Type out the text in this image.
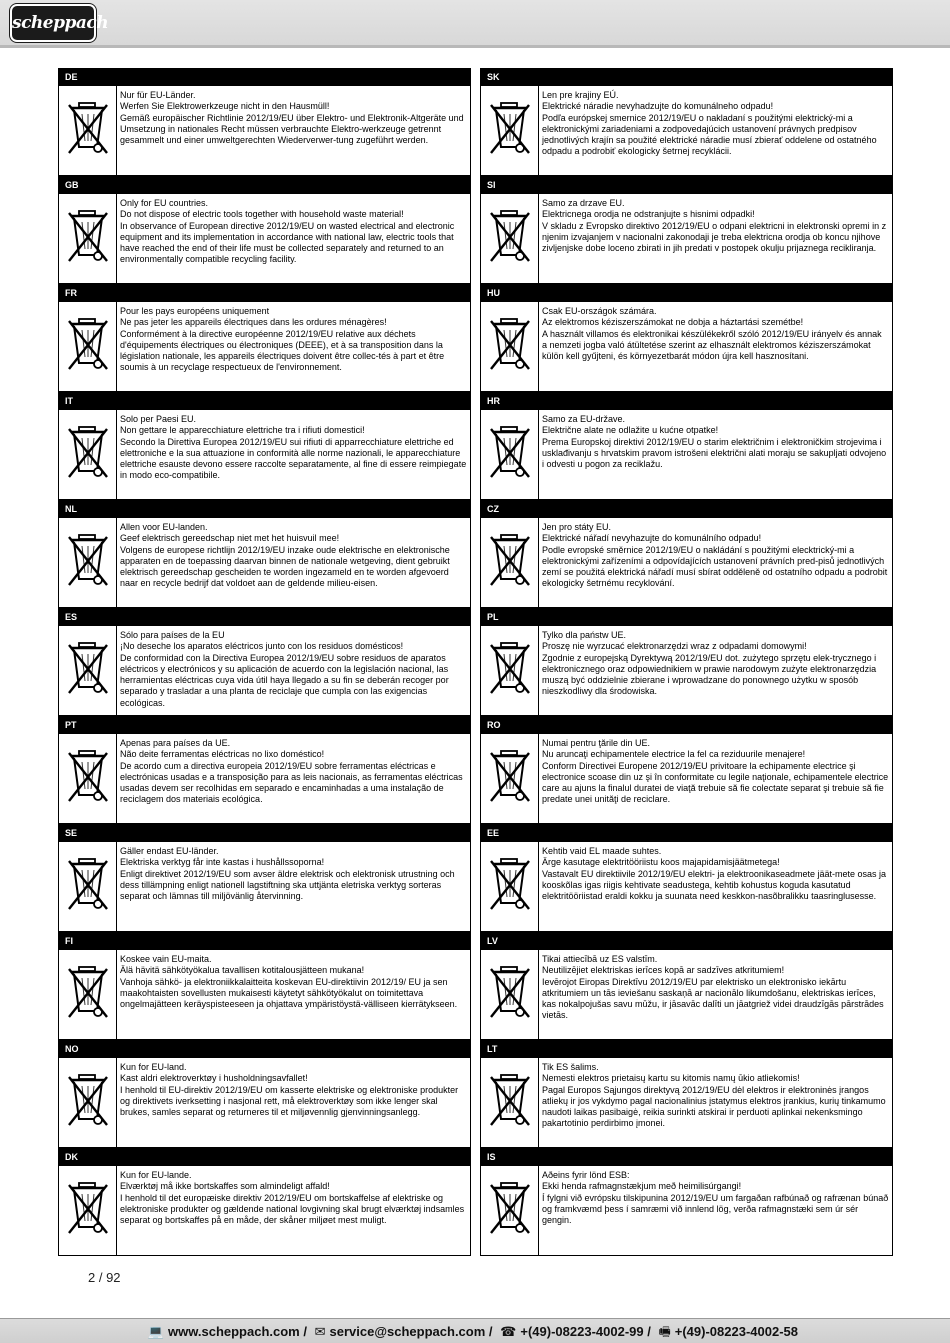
scheppach
DE
Nur für EU-Länder.
Werfen Sie Elektrowerkzeuge nicht in den Hausmüll!
Gemäß europäischer Richtlinie 2012/19/EU über Elektro- und Elektronik-Altgeräte und Umsetzung in nationales Recht müssen verbrauchte Elektro-werkzeuge getrennt gesammelt und einer umweltgerechten Wiederverwer-tung zugeführt werden.
GB
Only for EU countries.
Do not dispose of electric tools together with household waste material!
In observance of European directive 2012/19/EU on wasted electrical and electronic equipment and its implementation in accordance with national law, electric tools that have reached the end of their life must be collected separately and returned to an environmentally compatible recycling facility.
FR
Pour les pays européens uniquement
Ne pas jeter les appareils électriques dans les ordures ménagères!
Conformément à la directive européenne 2012/19/EU relative aux déchets d'équipements électriques ou électroniques (DEEE), et à sa transposition dans la législation nationale, les appareils électriques doivent être collec-tés à part et être soumis à un recyclage respectueux de l'environnement.
IT
Solo per Paesi EU.
Non gettare le apparecchiature elettriche tra i rifiuti domestici!
Secondo la Direttiva Europea 2012/19/EU sui rifiuti di apparrecchiature elettriche ed elettroniche e la sua attuazione in conformità alle norme nazionali, le apparecchiature elettriche esauste devono essere raccolte separatamente, al fine di essere reimpiegate in modo eco-compatibile.
NL
Allen voor EU-landen.
Geef elektrisch gereedschap niet met het huisvuil mee!
Volgens de europese richtlijn 2012/19/EU inzake oude elektrische en elektronische apparaten en de toepassing daarvan binnen de nationale wetgeving, dient gebruikt elektrisch gereedschap gescheiden te worden ingezameld en te worden afgevoerd naar en recycle bedrijf dat voldoet aan de geldende milieu-eisen.
ES
Sólo para países de la EU
¡No deseche los aparatos eléctricos junto con los residuos domésticos!
De conformidad con la Directiva Europea 2012/19/EU sobre residuos de aparatos eléctricos y electrónicos y su aplicación de acuerdo con la legislación nacional, las herramientas eléctricas cuya vida útil haya llegado a su fin se deberán recoger por separado y trasladar a una planta de reciclaje que cumpla con las exigencias ecológicas.
PT
Apenas para países da UE.
Não deite ferramentas eléctricas no lixo doméstico!
De acordo cum a directiva europeia 2012/19/EU sobre ferramentas eléctricas e electrónicas usadas e a transposição para as leis nacionais, as ferramentas eléctricas usadas devem ser recolhidas em separado e encaminhadas a uma instalação de reciclagem dos materiais ecológica.
SE
Gäller endast EU-länder.
Elektriska verktyg får inte kastas i hushållssoporna!
Enligt direktivet 2012/19/EU som avser äldre elektrisk och elektronisk utrustning och dess tillämpning enligt nationell lagstiftning ska uttjänta eletriska verktyg sorteras separat och lämnas till miljövänlig återvinning.
FI
Koskee vain EU-maita.
Älä hävitä sähkötyökalua tavallisen kotitalousjätteen mukana!
Vanhoja sähkö- ja elektroniikkalaitteita koskevan EU-direktiivin 2012/19/ EU ja sen maakohtaisten sovellusten mukaisesti käytetyt sähkötyökalut on toimitettava ongelmajätteen keräyspisteeseen ja ohjattava ympäristöystä-välliseen kierrätykseen.
NO
Kun for EU-land.
Kast aldri elektroverktøy i husholdningsavfallet!
I henhold til EU-direktiv 2012/19/EU om kasserte elektriske og elektroniske produkter og direktivets iverksetting i nasjonal rett, må elektroverktøy som ikke lenger skal brukes, samles separat og returneres til et miljøvennlig gjenvinningsanlegg.
DK
Kun for EU-lande.
Elværktøj må ikke bortskaffes som almindeligt affald!
I henhold til det europæiske direktiv 2012/19/EU om bortskaffelse af elektriske og elektroniske produkter og gældende national lovgivning skal brugt elværktøj indsamles separat og bortskaffes på en måde, der skåner miljøet mest muligt.
SK
Len pre krajiny EÚ.
Elektrické náradie nevyhadzujte do komunálneho odpadu!
Podľa európskej smernice 2012/19/EU o nakladaní s použitými elektrický-mi a elektronickými zariadeniami a zodpovedajúcich ustanovení právnych predpisov jednotlivých krajín sa použité elektrické náradie musí zbierať oddelene od ostatného odpadu a podrobiť ekologicky šetrnej recyklácii.
SI
Samo za drzave EU.
Elektricnega orodja ne odstranjujte s hisnimi odpadki!
V skladu z Evropsko direktivo 2012/19/EU o odpani elektricni in elektronski opremi in z njenim izvajanjem v nacionalni zakonodaji je treba elektricna orodja ob koncu njihove zivljenjske dobe loceno zbirati in jih predati v postopek okulju prijaznega recikliranja.
HU
Csak EU-országok számára.
Az elektromos kéziszerszámokat ne dobja a háztartási szemétbe!
A használt villamos és elektronikai készülékekről szóló 2012/19/EU irányelv és annak a nemzeti jogba való átültetése szerint az elhasznált elektromos kéziszerszámokat külön kell gyűjteni, és környezetbarát módon újra kell hasznosítani.
HR
Samo za EU-države.
Električne alate ne odlažite u kućne otpatke!
Prema Europskoj direktivi 2012/19/EU o starim električnim i elektroničkim strojevima i usklađivanju s hrvatskim pravom istrošeni električni alati moraju se sakupljati odvojeno i odvesti u pogon za reciklažu.
CZ
Jen pro státy EU.
Elektrické nářadí nevyhazujte do komunálního odpadu!
Podle evropské směrnice 2012/19/EU o nakládání s použitými elecktrický-mi a elektronickými zařízeními a odpovídajících ustanovení právních pred-pisů jednotlivých zemí se použitá elektrická nářadí musí sbírat odděleně od ostatního odpadu a podrobit ekologicky šetrnému recyklování.
PL
Tylko dla państw UE.
Proszę nie wyrzucać elektronarzędzi wraz z odpadami domowymi!
Zgodnie z europejską Dyrektywą 2012/19/EU dot. zużytego sprzętu elek-trycznego i elektronicznego oraz odpowiednikiem w prawie narodowym zużyte elektronarzędzia muszą być oddzielnie zbierane i wprowadzane do ponownego użytku w sposób nieszkodliwy dla środowiska.
RO
Numai pentru ţările din UE.
Nu aruncaţi echipamentele electrice la fel ca reziduurile menajere!
Conform Directivei Europene 2012/19/EU privitoare la echipamente electrice şi electronice scoase din uz şi în conformitate cu legile naţionale, echipamentele electrice care au ajuns la finalul duratei de viaţă trebuie să fie colectate separat şi trebuie să fie predate unei unităţi de reciclare.
EE
Kehtib vaid EL maade suhtes.
Ärge kasutage elektritööriistu koos majapidamisjäätmetega!
Vastavalt EU direktiivile 2012/19/EU elektri- ja elektroonikaseadmete jäät-mete osas ja kooskõlas igas riigis kehtivate seadustega, kehtib kohustus koguda kasutatud elektritööriistad eraldi kokku ja suunata need keskkon-nasõbralikku taasringlusesse.
LV
Tikai attiecībā uz ES valstīm.
Neutilizējiet elektriskas ierīces kopā ar sadzīves atkritumiem!
Ievērojot Eiropas Direktīvu 2012/19/EU par elektrisko un elektronisko iekārtu atkritumiem un tās ieviešanu saskaņā ar nacionālo likumdošanu, elektriskas ierīces, kas nokalpojušas savu mūžu, ir jāsavāc dalīti un jāatgriež videi draudzīgās pārstrādes vietās.
LT
Tik ES šalims.
Nemesti elektros prietaisų kartu su kitomis namų ūkio atliekomis!
Pagal Europos Sąjungos direktyvą 2012/19/EU dėl elektros ir elektroninės įrangos atliekų ir jos vykdymo pagal nacionalinius įstatymus elektros įrankius, kurių tinkamumo naudoti laikas pasibaigė, reikia surinkti atskirai ir perduoti aplinkai nekenksmingo pakartotinio perdirbimo įmonei.
IS
Aðeins fyrir lönd ESB:
Ekki henda rafmagnstækjum með heimilisúrgangi!
Í fylgni við evrópsku tilskipunina 2012/19/EU um fargaðan rafbúnað og rafrænan búnað og framkvæmd þess í samræmi við innlend lög, verða rafmagnstæki sem úr sér gengin.
2 / 92
💻 www.scheppach.com / ✉ service@scheppach.com / ☎ +(49)-08223-4002-99 / 🖷 +(49)-08223-4002-58
